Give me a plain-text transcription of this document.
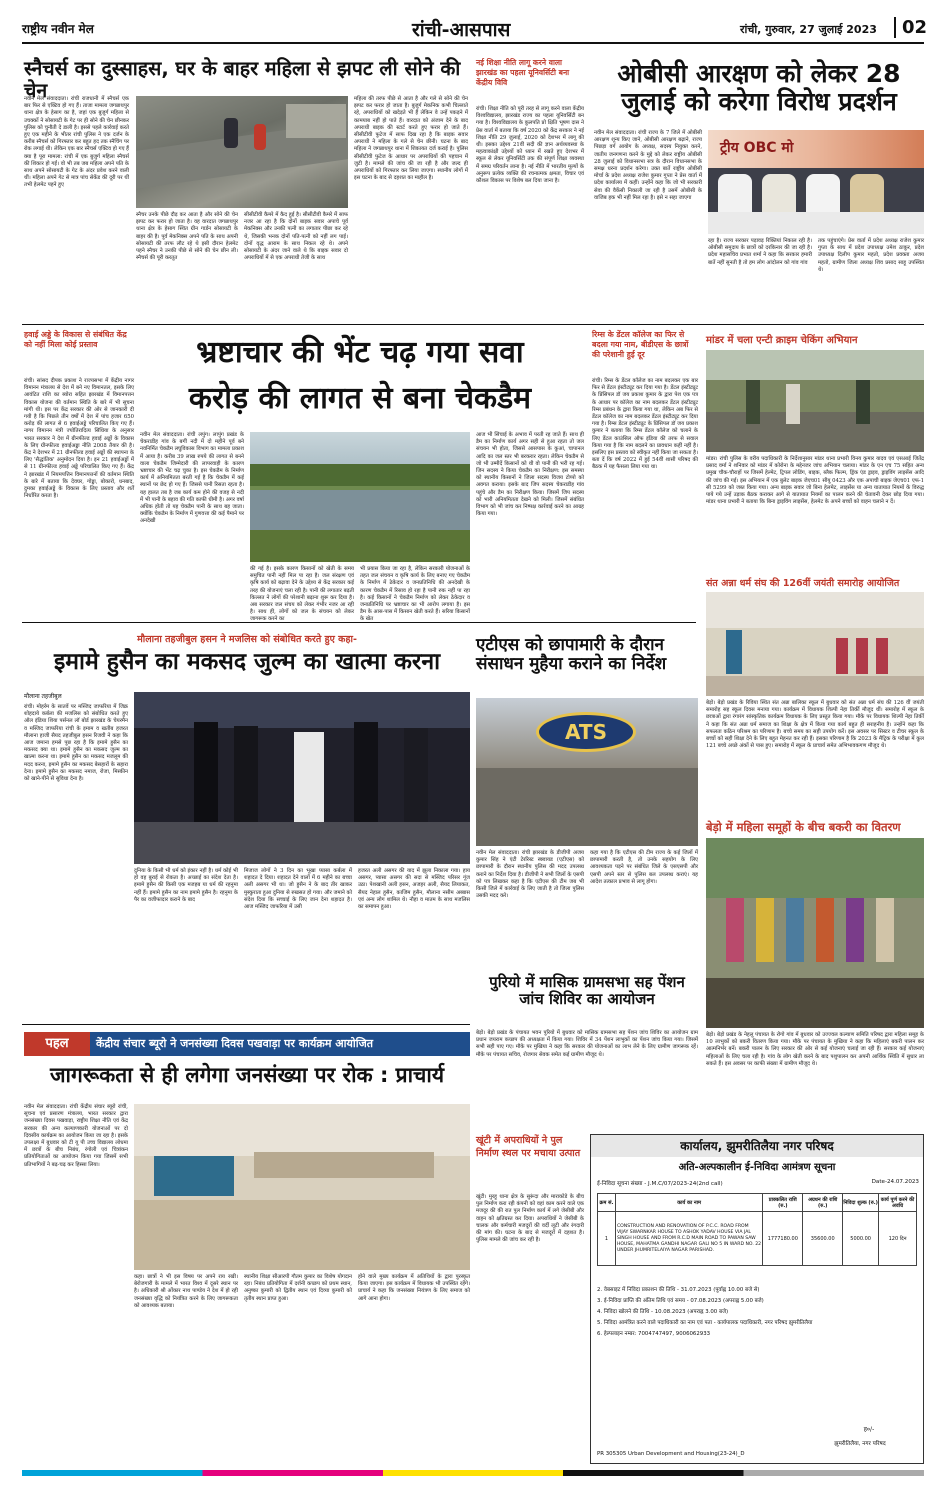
राष्ट्रीय नवीन मेल	रांची-आसपास	रांची, गुरुवार, 27 जुलाई 2023	02
स्नैचर्स का दुस्साहस, घर के बाहर महिला से झपट ली सोने की चेन
नवीन मेल संवाददाता। रांची राजधानी में स्नैचर्स एक बार फिर से एक्टिव हो गए हैं। ताजा मामला जगन्नाथपुर थाना क्षेत्र के हेसाग का है, जहां एक बुजुर्ग महिला से उचक्कों ने सोसायटी के गेट पर ही सोने की चेन छीनकर पुलिस को चुनौती दे डाली है। इससे पहले कार्रवाई करते हुए एक महीने के भीतर रांची पुलिस ने एक दर्जन के करीब स्नैचर्स को गिरफ्तार कर बहुत हद तक स्नैचिंग पर रोक लगाई थी। लेकिन एक बार स्नैचर्स एक्टिव हो गए हैं क्या है पूरा मामला: रांची में एक बुजुर्ग महिला स्नैचर्स की शिकार हो गईं। वो भी तब जब महिला अपने पति के साथ अपने सोसायटी के गेट के अंदर प्रवेश करने वाली थीं। महिला अपने गेट से मात्र पांच सेकेंड की दूरी पर थीं तभी हेलमेट पहने हुए
स्नैचर उनके पीछे दौड़ कर आता है और सोने की चेन झपट कर फरार हो जाता है। वह वारदात जगन्नाथपुर थाना क्षेत्र के हेसाग स्थित ग्रीन गार्डन सोसायटी के बाहर की है। पूर्व मेकनिक्स अपने पति के साथ अपनी सोसायटी की तरफ लौट रहे थे इसी दौरान हेलमेट पहने स्नैचर ने उनकी पीछे से सोने की चेन छीन ली। स्नैचर्स की पूरी करतूत
सीसीटीवी कैमरे में कैद हुई है। सीसीटीवी कैमरे में साफ नजर आ रहा है कि दोनों बाइक सवार अपाचे पूर्व मेकनिक्स और उनकी पत्नी का लगातार पीछा कर रहे थे, जिसकी भनक दोनों पति-पत्नी को नहीं लग पाई। दोनों वृद्ध आराम के साथ निकल रहे थे। अपने सोसायटी के अंदर जाने वाले थे कि बाइक सवार दो अपराधियों में से एक अपराधी तेजी के साथ
महिला की तरफ पीछे से आता है और गले से सोने की चेन झपट कर फरार हो जाता है। बुजुर्ग मेकनिक कभी चिल्लाते रहे, अपराधियों को खदेड़ते भी हैं लेकिन वे उन्हें पकड़ने में कामयाब नहीं हो पाते हैं। वारदात को अंजाम देने के बाद अपराधी बाइक की स्टार्ट करते हुए फरार हो जाते हैं। सीसीटीवी फुटेज में साफ दिख रहा है कि बाइक सवार अपराधी ने महिला के गले से चेन छीनी। घटना के बाद महिला ने जगन्नाथपुर थाना में शिकायत दर्ज कराई है। पुलिस सीसीटीवी फुटेज के आधार पर अपराधियों की पहचान में जुटी है। मामले की जांच की जा रही है और जल्द ही अपराधियों को गिरफ्तार कर लिया जाएगा। स्थानीय लोगों में इस घटना के बाद से दहशत का माहौल है।
नई शिक्षा नीति लागू करने वाला झारखंड का पहला यूनिवर्सिटी बना केंद्रीय विवि
रांची। शिक्षा नीति को पूरी तरह से लागू करने वाला केंद्रीय विश्वविद्यालय, झारखंड राज्य का पहला यूनिवर्सिटी बन गया है। विश्वविद्यालय के कुलपति प्रो क्षिति भूषण दास ने प्रेस वार्ता में बताया कि वर्ष 2020 को केंद्र सरकार ने नई शिक्षा नीति 29 जुलाई, 2020 को देशभर में लागू की थी। इसका उद्देश्य 21वीं सदी की ज्ञान अर्थव्यवस्था के महत्वाकांक्षी उद्देश्यों को ध्यान में रखते हुए देशभर में स्कूल से लेकर यूनिवर्सिटी तक की संपूर्ण शिक्षा व्यवस्था में समग्र परिवर्तन लाना है। नई नीति में भारतीय मूल्यों के अनुरूप प्रत्येक व्यक्ति की रचनात्मक क्षमता, विचार एवं कौशल विकास पर विशेष बल दिया जाना है।
ओबीसी आरक्षण को लेकर 28 जुलाई को करेगा विरोध प्रदर्शन
नवीन मेल संवाददाता। रांची राज्य के 7 जिले में ओबीसी आरक्षण शून्य किए जाने, ओबीसी आरक्षण बढ़ाने, राज्य पिछड़ा वर्ग आयोग के अध्यक्ष, सदस्य नियुक्त करने, जातीय जनगणना करने के मुद्दे को लेकर राष्ट्रीय ओबीसी 28 जुलाई को विधानसभा सत्र के दौरान विधानसभा के समक्ष धरना प्रदर्शन करेगा। उक्त बातें राष्ट्रीय ओबीसी मोर्चा के प्रदेश अध्यक्ष राजेश कुमार गुप्ता ने प्रेस वार्ता में प्रदेश कार्यालय में कहीं। उन्होंने कहा कि जो भी सरकारी सेवा की वैकेंसी निकाली जा रही है उसमें ओबीसी के वाजिब हक भी नहीं मिल रहा है। इसे न सहा जाएगा
ट्रीय OBC मो
रहा है। राज्य सरकार पड़ावड़ रिक्तियां निकाल रही है। ओबीसी समुदाय के छात्रों को दरकिनार की जा रही है। प्रदेश महासचिव प्रभात शर्मा ने कहा कि सरकार हमारी बातें नहीं सुनती है तो हम लोग आंदोलन को गांव गांव
तक पहुंचाएंगे। प्रेस वार्ता में प्रदेश अध्यक्ष राजेश कुमार गुप्ता के साथ में प्रदेश उपाध्यक्ष उमेश ठाकुर, प्रदेश उपाध्यक्ष दिलीप कुमार महतो, प्रदेश प्रवक्ता अजय महतो, ग्रामीण जिला अध्यक्ष शिव प्रसाद साहू उपस्थित थे।
हवाई अड्डे के विकास से संबंधित केंद्र को नहीं मिला कोई प्रस्ताव
रांची। सांसद दीपक प्रकाश ने राज्यसभा में केंद्रीय नागर विमानन मंत्रालय से देश में बने नए विमानतल, इसके लिए आवंटित राशि का ब्योरा सहित झारखंड में विमानपत्तन विकास योजना की वर्तमान स्थिति के बारे में भी सूचना मांगी थी। इस पर केंद्र सरकार की ओर से जानकारी दी गयी है कि पिछले तीन वर्षों में देश में पांच हजार 650 करोड़ की लागत से 6 हवाईअड्डे परिचालित किए गए हैं। नागर विमानन मंत्री ज्योतिरादित्य सिंधिया के अनुसार भारत सरकार ने देश में ग्रीनफील्ड हवाई अड्डों के विकास के लिए ग्रीनफील्ड हवाईअड्डा नीति 2008 तैयार की है। केंद्र ने देशभर में 21 ग्रीनफील्ड हवाई अड्डों की स्थापना के लिए 'सैद्धांतिक' अनुमोदन दिया है। इन 21 हवाईअड्डों में से 11 ग्रीनफील्ड हवाई अड्डे परिचालित किए गए हैं। केंद्र ने झारखंड में नियमपत्तिन विमानपत्तनों की वर्तमान स्थिति के बारे में बताया कि देवघर, गोड्डा, बोकारो, धनबाद, दुमका हवाईअड्डे के विकास के लिए प्रस्ताव और शर्तें निर्धारित करता है।
भ्रष्टाचार की भेंट चढ़ गया सवा
करोड़ की लागत से बना चेकडैम
नवीन मेल संवाददाता। रांची लपुंग। लापुंग प्रखंड के चेकराडीह गांव के बगीं नदी में दो महीने पूर्व बने नवनिर्मित चेकडैम लघुविकास विभाग का मामला प्रकाश में आया है। करीब 39 लाख रुपये की लागत से बनने वाला चेकडैम जिम्मेदारी की लापरवाही के कारण भ्रष्टाचार की भेंट चढ़ चुका है। इस चेकडैम के निर्माण कार्य में अनियमितता बरती गई है कि चेकडैम में कई स्थानों पर छेद हो गए हैं। जिससे पानी रिसता रहता है। यह हालत तब है जब कार्य कम होने की वजह से नदी में भी पानी के बहाव की गति काफी धीमी है। अगर वर्षा अधिक होती तो यह चेकडैम पानी के साथ बह जाता। क्योंकि चेकडैम के निर्माण में गुणवत्ता की कई पैमाने पर अनदेखी
की गई है। इसके कारण किसानों को खेती के समय समुचित पानी नहीं मिल पा रहा है। जल संरक्षण एवं कृषि कार्य को बढ़ावा देने के उद्देश्य से केंद्र सरकार कई तरह की योजनाएं चला रही है। पानी की लगातार बढ़ती किल्लत ने लोगों की परेशानी बढ़ाना शुरू कर दिया है। अब सरकार जल संचय को लेकर गंभीर नजर आ रही है। साथ ही, लोगों को जल के संचयन को लेकर जागरूक करने का
भी प्रयास किया जा रहा है, लेकिन सरकारी योजनाओं के तहत जल संचयन व कृषि कार्य के लिए बनाए गए चेकडैम के निर्माण में ठेकेदार व जनप्रतिनिधि की अनदेखी के कारण चेकडैम में रिसाव हो रहा है पानी रुक नहीं पा रहा है। कई किसानों ने चेकडैम निर्माण को लेकर ठेकेदार व जनप्रतिनिधि पर भ्रष्टाचार का भी आरोप लगाया है। इस डैम के आस-पास में किसान खेती करते हैं। सरिया किसानों के खेत
आज भी सिंचाई के अभाव में परती रह जाते हैं। साथ ही डैम का निर्माण कार्य अगर सही से हुआ रहता तो जल संचयन भी होता, जिससे आसपास के कुआं, चापानल आदि का जल स्तर भी बरकरार रहता। लेकिन चेकडैम से जो भी उम्मीदें किसानों को थी वो पानी की भरी रह गई। जिन सदस्य ने किया चेकडैम का निरीक्षण: इस समस्या को स्थानीय किसानों ने जिला सदस्य विजय टोप्पो को अवगत कराया। इसके बाद जिप सदस्य चेकराडीह गांव पहुंचे और डैम का निरीक्षण किया। जिसमें जिप सदस्य को भारी अनियमितता देखने को मिली। जिसमें संबंधित विभाग को भी जांच कर निष्पक्ष कार्रवाई करने का आग्रह किया गया।
रिम्स के डेंटल कॉलेज का फिर से बदला गया नाम, बीडीएस के छात्रों की परेशानी हुई दूर
रांची। रिम्स के डेंटल कॉलेज का नाम बदलकर एक बार फिर से डेंटल इंस्टीट्यूट कर दिया गया है। डेंटल इंस्टीट्यूट के प्रिंसिपल डॉ जय प्रकाश कुमार के द्वारा पेश एक पत्र के आधार पर कॉलेज का नाम बदलकर डेंटल इंस्टीट्यूट रिम्स प्रबंधन के द्वारा किया गया था, लेकिन अब फिर से डेंटल कॉलेज का नाम बदलकर डेंटल इंस्टीट्यूट कर दिया गया है। रिम्स डेंटल इंस्टीट्यूट के प्रिंसिपल डॉ जय प्रकाश कुमार ने बताया कि रिम्स डेंटल कॉलेज को चलाने के लिए डेंटल काउंसिल ऑफ इंडिया की तरफ से सवाल किया गया है कि नाम बदलने का प्रावधान कहीं नहीं है। इसलिए इस प्रस्ताव को स्वीकृत नहीं किया जा सकता है। बता दें कि वर्ष 2022 में हुई 54वीं शासी परिषद की बैठक में यह फैसला लिया गया था।
मांडर में चला एन्टी क्राइम चेकिंग अभियान
मांडर। रांची पुलिस के वरीय पदाधिकारी के निर्देशानुसार मांडर थाना प्रभारी विनय कुमार यादव एवं एसआई जितेंद्र प्रसाद वर्मा ने शनिवार को मांडर में कोरोना के मद्देनजर जांच अभियान चलाया। मांडर के एन एच 75 सहित अन्य प्रमुख चौक-चौराहों पर जिसमें हेल्मेट, ट्रिपल लोडिंग, बाइक, ब्लैक फिल्म, ड्रिंक एंड ड्राइव, ड्राइविंग लाइसेंस आदि की जांच की गई। इस अभियान में एक बुलेट बाइक जेएच01 सीयू 0423 और एक अपाची बाइक जेएच01 एफ-1 सी 5299 को जब्त किया गया। अन्य बाइक सवार जो बिना हेलमेट, लाइसेंस या अन्य यातायात नियमों के विरुद्ध पाये गये उन्हें उड़ाक बैठक कराकर आगे से यातायात नियमों का पालन करने की चेतावनी देकर छोड़ दिया गया। मांडर थाना प्रभारी ने बताया कि बिना ड्राइविंग लाइसेंस, हेलमेट के अपने बच्चों को वाहन चलाने न दें।
संत अन्ना धर्म संघ की 126वीं जयंती समारोह आयोजित
बेड़ो। बेड़ो प्रखंड के रिविया स्थित संत अन्ना बालिका स्कूल में बुधवार को संत अन्ना धर्म संघ की 126 वीं जयंती समारोह सह स्कूल दिवस मनाया गया। कार्यक्रम में विधायक शिल्पी नेहा तिर्की मौजूद थीं। समारोह में स्कूल के छात्राओं द्वारा रंगारंग सांस्कृतिक कार्यक्रम विधायक के लिए प्रस्तुत किया गया। मौके पर विधायक शिल्पी नेहा तिर्की ने कहा कि संत अन्ना धर्म समाज का शिक्षा के क्षेत्र में किया गया कार्य बहुत ही सराहनीय है। उन्होंने कहा कि सफलता कठिन परिश्रम का परिणाम है। बच्चे समय का सही उपयोग करें। इस अवसर पर सिस्टर व टीचर स्कूल के बच्चों को सही शिक्षा देने के लिए बहुत मेहनत कर रही हैं। इसका परिणाम है कि 2023 के मैट्रिक के परीक्षा में कुल 121 बच्चे अच्छे अंकों से पास हुए। समारोह में स्कूल के प्राचार्य समेत अभिभावकगण मौजूद थे।
बेड़ो में महिला समूहों के बीच बकरी का वितरण
बेड़ो। बेड़ो प्रखंड के नेहलू पंचायत के रोगो गांव में बुधवार को उज्ज्वल कल्याण समिति परिषद द्वारा महिला समूह के 10 लाभुकों को बकरी वितरण किया गया। मौके पर पंचायत के मुखिया ने कहा कि महिलाएं बकरी पालन कर आत्मनिर्भर बनें। बकरी पालन के लिए सरकार की ओर से कई योजनाएं चलाई जा रही हैं। सरकार कई योजनाएं महिलाओं के लिए चला रही है। गांव के लोग खेती करने के बाद पशुपालन कर अपनी आर्थिक स्थिति में सुधार ला सकते हैं। इस अवसर पर काफी संख्या में ग्रामीण मौजूद थे।
मौलाना तहजीबुल हसन ने मजलिस को संबोधित करते हुए कहा-
इमामे हुसैन का मकसद जुल्म का खात्मा करना
मौलाना तहजीबुल
रांची। मोहर्रम के सातवें पर मस्जिद जाफरिया में जिक्र शोहदाये कर्बला की मजलिस को संबोधित करते हुए ऑल इंडिया शिया पर्सनल लॉ बोर्ड झारखंड के चेयरमैन व मस्जिद जाफरिया रांची के इमाम व खतीब हजरत मौलाना हाजी सैयद तहजीबुल हसन रिजवी ने कहा कि आज जमाना हमसे पूछ रहा है कि इमामे हुसैन का मकसद क्या था। इमामे हुसैन का मकसद जुल्म का खात्मा करना था। इमामे हुसैन का मकसद मजलूम की मदद करना, इमामे हुसैन का मकसद बेसहारों के सहारा देना। इमामे हुसैन का मकसद नमाज, रोजा, मिस्कीन को खाने-पीने से सुविधा देना है।
दुनिया के किसी भी धर्म को इंकार नहीं है। धर्म कोई भी हो वह बुराई से रोकता है। अच्छाई का संदेश देता है। इमामे हुसैन की किसी एक मजहब या धर्म की रहनुमा नहीं हैं। इमामे हुसैन का नाम इमामे हुसैन है। रहनुमा के पैर का वजीफादार कराने के बाद
मिजाज लोगों ने 3 दिन का भूखा प्यासा कर्बला में शहादत दे दिया। शहादत देने वालों में 6 महीने का बच्चा अली असगर भी था। जो हुसैन ने के बाद तीर खाकर मुस्कुराता हुआ दुनिया से रुखसत हो गया। और जमाने को संदेश दिया कि सच्चाई के लिए जान देना शहादत है। आज मस्जिद जाफरिया में उसी
हजरत अली असगर की याद में झूला निकाला गया। हाय असगर, प्यासा असगर की सदा से मस्जिद परिसर गूंज उठा। पेशखानी अली हसन, अजहर अली, सैयद लियाकत, सैयद नेहाल हुसैन, काजिम हुसैन, मौलाना नसीम अब्बास एवं अन्य लोग शामिल थे। नौहा व मातम के साथ मजलिस का समापन हुआ।
एटीएस को छापामारी के दौरान संसाधन मुहैया कराने का निर्देश
ATS
नवीन मेल संवाददाता। रांची झारखंड के डीजीपी अजय कुमार सिंह ने एंटी टेररिस्ट स्क्वायड (एटीएस) को छापामारी के दौरान स्थानीय पुलिस की मदद उपलब्ध कराने का निर्देश दिया है। डीजीपी ने सभी जिलों के एसपी को पत्र लिखकर कहा है कि एटीएस की टीम जब भी किसी जिले में कार्रवाई के लिए जाती है तो जिला पुलिस उसकी मदद करे।
कहा गया है कि एटीएस की टीम राज्य के कई जिलों में छापामारी करती है, तो उनके सहयोग के लिए आवश्यकता पड़ने पर संबंधित जिले के एसएसपी और एसपी अपने स्तर से पुलिस बल उपलब्ध कराएं। यह आदेश तत्काल प्रभाव से लागू होगा।
पुरियो में मासिक ग्रामसभा सह पेंशन जांच शिविर का आयोजन
बेड़ो। बेड़ो प्रखंड के पंचायत भवन पुरियो में बुधवार को मासिक ग्रामसभा सह पेंशन जांच शिविर का आयोजन ग्राम प्रधान जयराम कच्छप की अध्यक्षता में किया गया। शिविर में 34 पेंशन लाभुकों का पेंशन जांच किया गया। जिसमें सभी सही पाए गए। मौके पर मुखिया ने कहा कि सरकार की योजनाओं का लाभ लेने के लिए ग्रामीण जागरूक रहें। मौके पर पंचायत सचिव, रोजगार सेवक समेत कई ग्रामीण मौजूद थे।
पहल	केंद्रीय संचार ब्यूरो ने जनसंख्या दिवस पखवाड़ा पर कार्यक्रम आयोजित
जागरूकता से ही लगेगा जनसंख्या पर रोक : प्राचार्य
नवीन मेल संवाददाता। रांची केंद्रीय संचार ब्यूरो रांची, सूचना एवं प्रसारण मंत्रालय, भारत सरकार द्वारा जनसंख्या दिवस पखवाड़ा, राष्ट्रीय शिक्षा नीति एवं केंद्र सरकार की अन्य कल्याणकारी योजनाओं पर दो दिवसीय कार्यक्रम का आयोजन किया जा रहा है। इसके उपलक्ष्य में बुधवार को टी यू पी उच्च विद्यालय लोधमा में छात्रों के बीच निबंध, रंगोली एवं चित्रांकन प्रतियोगिताओं का आयोजन किया गया जिसमें सभी प्रतिभागियों ने बढ़-चढ़ कर हिस्सा लिया।
कहा। छात्रों ने भी इस विषय पर अपने राय रखी। बेरोजगारी के मामले में भारत विश्व में दूसरे स्थान पर है। अधिकारी श्री ओंकार नाथ पाण्डेय ने देश में हो रही जनसंख्या वृद्धि को नियंत्रित करने के लिए जागरूकता को आवश्यक बताया।
स्थानीय शिक्षा सीआरपी गौतम कुमार का विशेष योगदान रहा। निबंध प्रतियोगिता में दर्शनी कच्छप को प्रथम स्थान, अनुष्का कुमारी को द्वितीय स्थान एवं दिव्या कुमारी को तृतीय स्थान प्राप्त हुआ।
होने वाले मुख्य कार्यक्रम में अतिथियों के द्वारा पुरस्कृत किया जाएगा। इस कार्यक्रम में विधायक भी उपस्थित रहेंगे। प्राचार्य ने कहा कि जनसंख्या नियंत्रण के लिए समाज को आगे आना होगा।
खूंटी में अपराधियों ने पुल निर्माण स्थल पर मचाया उत्पात
खूंटी। मुरहू थाना क्षेत्र के सुरूंदा और माराकोडे के बीच पुल निर्माण करा रही कंपनी को वहां काम करने वाले एक मजदूर की की रात पुल निर्माण कार्य में लगे जेसीबी और वाहन को क्षतिग्रस्त कर दिया। अपराधियों ने जेसीबी के चालक और कर्मचारी मजदूरों की वर्दी लूटी और रंगदारी की मांग की। घटना के बाद से मजदूरों में दहशत है। पुलिस मामले की जांच कर रही है।
कार्यालय, झुमरीतिलैया नगर परिषद
अति-अल्पकालीन ई-निविदा आमंत्रण सूचना
ई-निविदा सूचना संख्या - J.M.C/07/2023-24(2nd call)	Date-24.07.2023
क्रम सं.	कार्य का नाम	प्राक्कलित राशि (रु.)	अग्रधन की राशि (रु.)	निविदा शुल्क (रु.)	कार्य पूर्ण करने की अवधि
1	CONSTRUCTION AND RENOVATION OF P.C.C. ROAD FROM VIJAY SWARNKAR HOUSE TO ASHOK YADAV HOUSE VIA JAL SINGH HOUSE AND FROM R.C.D MAIN ROAD TO PAWAN SAW HOUSE, MAHATMA GANDHI NAGAR GALI NO 5 IN WARD NO. 22 UNDER JHUMRITELAIYA NAGAR PARISHAD.	1777180.00	35600.00	5000.00	120 दिन
2. वेबसाइट में निविदा प्रकाशन की तिथि - 31.07.2023 (पूर्वाह्न 10.00 बजे से)
3. ई-निविदा प्राप्ति की अंतिम तिथि एवं समय - 07.08.2023 (अपराह्न 5.00 बजे)
4. निविदा खोलने की तिथि - 10.08.2023 (अपराह्न 3.00 बजे)
5. निविदा आमंत्रित करने वाले पदाधिकारी का नाम एवं पता - कार्यपालक पदाधिकारी, नगर परिषद झुमरीतिलैया
6. हेल्पलाइन नम्बर: 7004747497, 9006062933
ह०/-
झुमरीतिलैया, नगर परिषद
PR 305305 Urban Development and Housing(23-24)_D
